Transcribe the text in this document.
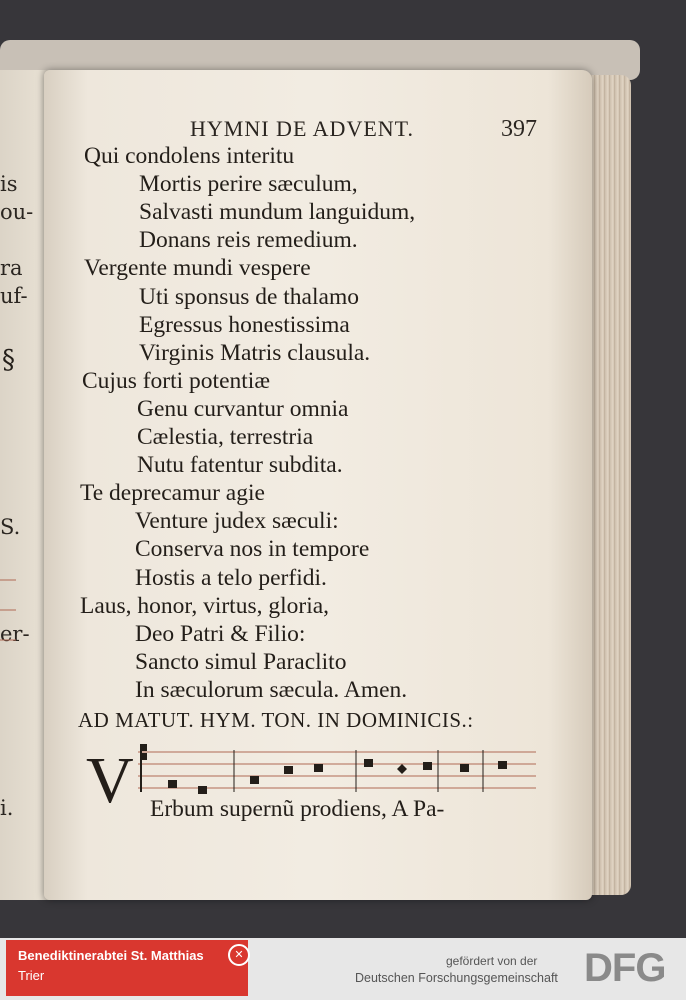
is
ou-
ra
uf-
S.
er-
i.
§
HYMNI DE ADVENT.	397
Qui condolens interitu
Mortis perire sæculum,
Salvasti mundum languidum,
Donans reis remedium.
Vergente mundi vespere
Uti sponsus de thalamo
Egressus honestissima
Virginis Matris clausula.
Cujus forti potentiæ
Genu curvantur omnia
Cælestia, terrestria
Nutu fatentur subdita.
Te deprecamur agie
Venture judex sæculi:
Conserva nos in tempore
Hostis a telo perfidi.
Laus, honor, virtus, gloria,
Deo Patri & Filio:
Sancto simul Paraclito
In sæculorum sæcula. Amen.
AD MATUT. HYM. TON. IN DOMINICIS.:
V Erbum supernũ prodiens, A Pa-
Benediktinerabtei St. Matthias
Trier
✕	gefördert von der
Deutschen Forschungsgemeinschaft DFG
